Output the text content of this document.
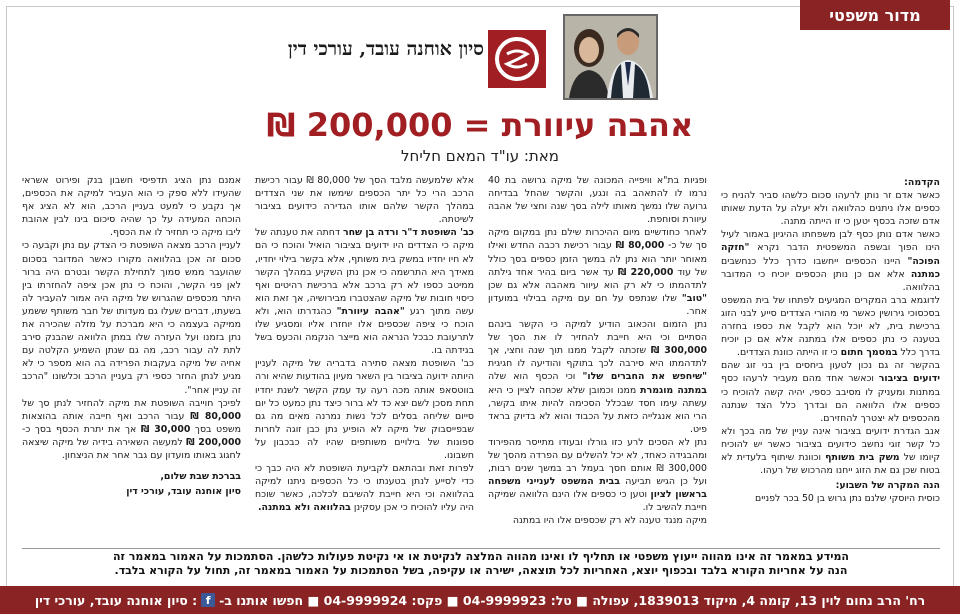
מדור משפטי
סיון אוחנה עובד, עורכי דין
אהבה עיוורת = 200,000 ₪
מאת: עו"ד המאם חליחל

הקדמה:

כאשר אדם זר נותן לרעהו סכום כלשהו סביר להניח כי כספים אלו ניתנים כהלוואה ולא יעלה על הדעת שאותו אדם שזכה בכסף יטען כי זו הייתה מתנה.

כאשר אדם נותן כסף לבן משפחתו ההיגיון באמור לעיל הינו הפוך ובשפה המשפטית הדבר נקרא "חזקה הפוכה" היינו הכספים ייחשבו כדרך כלל כנחשבים כמתנה אלא אם כן נותן הכספים יוכיח כי המדובר בהלוואה.

לדוגמא ברב המקרים המגיעים לפתחו של בית המשפט בסכסוכי גירושין כאשר מי מהורי הצדדים סייע לבני הזוג ברכישת בית, לא יוכל הוא לקבל את כספו בחזרה בטענה כי נתן כספים אלו במתנה אלא אם כן יוכיח בדרך כלל במסמך חתום כי זו הייתה כוונת הצדדים.

בהקשר זה גם נכון לטעון ביחסים בין בני זוג שהם ידועים בציבור וכאשר אחד מהם מעביר לרעהו כסף במתנות ומעניק לו מסיבב כספי, יהיה קשה להוכיח כי כספים אלו הלוואה הם ובדרך כלל הצד שנתנה מהכספים לא יצטרך להחזירם.

אנב הגדרת ידועים בציבור אינה עניין של מה בכך ולא כל קשר זוגי נחשב כידועים בציבור כאשר יש להוכיח קיומו של משק בית משותף וכוונת שיתוף בלעדית לא בטוח שכן גם את הזוג ייחנו מהרכוש של רעהו.

הנה המקרה של השבוע:

כוסית היוסקי שלנם נתן גרוש בן 50 בכר לפניים

ופגיות בת"א וויפייה המכונה של מיקה גרושה בת 40 נרמו לו להתאהב בה ונגע, והקשר שהחל בבדיחה גרועה שלו נמשך מאותו לילה בסך שנה וחצי של אהבה עיוורת וסוחפת.

לאחר כחודשיים מיום ההיכרות שילם נתן במקום מיקה סך של כ- 80,000 ₪ עבור רכישת רכבה החדש ואילו מאוחר יותר הוא נתן לה במשך הזמן כספים בסך כולל של עוד 220,000 ₪ עד אשר ביום בהיר אחד גילתה לתדהמתו כי לא רק הוא עיוור מאהבה אלא גם שכן "טוב" שלו שנתפס על חם עם מיקה בבילוי במועדון אחר.

נתן הזמום והכאוב הודיע למיקה כי הקשר בינהם הסתיים וכי היא חייבת להחזיר לו את הסך של 300,000 ₪ שזכתה לקבל ממנו תוך שנה וחצי, אך לתדהמתו היא סירבה לכך בתוקף והודיעה לו חגיגית "שיחפש את החברים שלו" וכי הכסף הוא שלה במתנה מוגמרת ממנו וכמובן שלא שכחה לציין כי היא עשתה עימו חסד שבכלל הסכימה להיות איתו בקשר, הרי הוא אנגלייה כזאת על הכבוד והוא לא בדיוק בראד פיט.

נתן לא הסכים לרע כזו גורלו ובעודו מתייסר מהפירוד ומהבגידה כאחד, לא יכל להשלים עם הפרדה מהסך של 300,000 ₪ אותם חסך בעמל רב במשך שנים רבות, ועל כן הגיש תביעה בבית המשפט לענייני משפחה בראשון לציון וטען כי כספים אלו הינם הלוואה שמיקה חייבת להשיב לו.

מיקה מנגד טענה לא רק שכספים אלו היו במתנה

אלא שלמעשה מלבד הסך של 80,000 ₪ עבור רכישת הרכב הרי כל יתר הכספים שימשו את שני הצדדים במהלך הקשר שלהם אותו הגדירה כידועים בציבור לשיטתה.

כב' השופטת ד"ר ורדה בן שחר דחתה את טענתה של מיקה כי הצדדים היו ידועים בציבור הואיל והוכח כי הם לא חיו יחדיו במשק בית משותף, אלא בקשר בילוי יחדיו, מאידך היא התרשמה כי אכן נתן השקיע במהלך הקשר ממיטב כספו לא רק ברכב אלא ברכישת רהיטים ואף כיסוי חובות של מיקה שהצטברו מבירושיה, אך זאת הוא עשה מתוך רגע "אהבה עיוורת" כהגדרתו הוא, ולא הוכח כי ציפה שכספים אלו יוחזרו אליו ומסגיע שלו לתרעובת כבכל הנראה הוא מייצר הנקמה והכעס בשל בגידתה בו.

כב' השופטת מצאה סתירה בדבריה של מיקה לעניין היותה ידועה בציבור בין השאר מעיון בהודעות שהיא ורה בווטסאפ אותה מכה רעה עד עמק הקשר לשנת יחדיו תחת מסכן לשם יצא כד לא ברור כיצד נתן כמעט כל יום סייום שליחה בסלים לכל נשות נמרנה מאים מה גם שבפייסבוק של מיקה לא הופיע נתן כבן זוגה לחרות ספונות של בילויים משותפים שהיו לה כבכבון על חשבונו.

לפרות זאת ובהתאם לקביעת השופטת לא היה כבך כי כדי לסייע לנתן בטענתו כי כל הכספים ניתנו למיקה בהלוואה וכי היא חייבת להשיבם לכלכה, כאשר שוכח היה עליו להוכיח כי אכן עסקינן בהלוואה ולא במתנה.

אמנם נתן הציג תדפיסי חשבון בנק ופירוט אשראי שהעידו ללא ספק כי הוא העביר למיקה את הכספים, אך נקבע כי למעט בעניין הרכב, הוא לא הציג אף הוכחה המעידה על כך שהיה סיכום בינו לבין אהובת ליבו מיקה כי תחזיר לו את הכסף.

לעניין הרכב מצאה השופטת כי הצדק עם נתן וקבעה כי סכום זה אכן בהלוואה מקורו כאשר המדובר בסכום שהועבר ממש סמוך לתחילת הקשר ובטרם היה ברור לאן פני הקשר, והוכח כי נתן אכן ציפה להחזרתו בין היתר מכספים שהגרוש של מיקה היה אמור להעביר לה בשעתו, דברים שעלו גם מעדותו של חבר משותף ששמע ממיקה בעצמה כי היא מברכת על מזלה שהכירה את נתן בזמנו ועל העזרה שלו במתן הלוואה שהבנק סירב לתת לה עבור רכב, מה גם שנתן השמיע הקלטה עם אחיה של מיקה בעקבות הפרידה בה הוא מספר כי לא מגיע לנתן החזר כספי רק בעניין הרכב וכלשונו "הרכב זה עניין אחר".

לפיכך חוייבה השופטת את מיקה להחזיר לנתן סך של 80,000 ₪ עבור הרכב ואף חייבה אותה בהוצאות משפט בסך 30,000 ₪ אך את יתרת הכסף בסך כ- 200,000 ₪ למעשה השאירה בידיה של מיקה שיצאה לחגוג באותו מועדון עם גבר אחר את הניצחון.

בברכת שבת שלום,

סיון אוחנה עובד, עורכי דין

המידע במאמר זה אינו מהווה ייעוץ משפטי או תחליף לו ואינו מהווה המלצה לנקיטת או אי נקיטת פעולות כלשהן. הסתמכות על האמור במאמר זה
הנה על אחריות הקורא בלבד ובכפוף יוצא, האחריות לכל תוצאה, ישירה או עקיפה, בשל הסתמכות על האמור במאמר זה, תחול על הקורא בלבד.
רח' הרב נחום לוין 13, קומה 4, מיקוד 1839013, עפולה

■

טל: 04-9999923

■

פקס: 04-9999924

■

חפשו אותנו ב-
f
: סיון אוחנה עובד, עורכי דין
